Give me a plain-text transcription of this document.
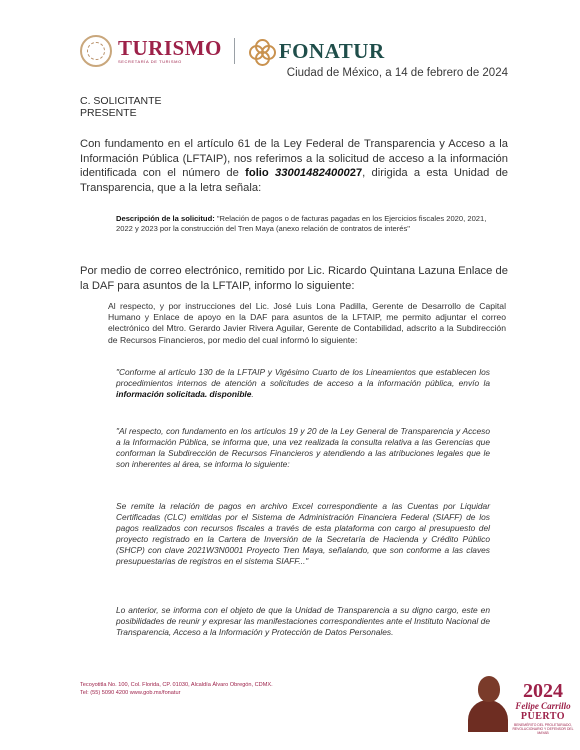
TURISMO
SECRETARÍA DE TURISMO	FONATUR
Ciudad de México, a 14 de febrero de 2024
C. SOLICITANTE
PRESENTE
Con fundamento en el artículo 61 de la Ley Federal de Transparencia y Acceso a la Información Pública (LFTAIP), nos referimos a la solicitud de acceso a la información identificada con el número de folio 33001482400027, dirigida a esta Unidad de Transparencia, que a la letra señala:
Descripción de la solicitud: "Relación de pagos o de facturas pagadas en los Ejercicios fiscales 2020, 2021, 2022 y 2023 por la construcción del Tren Maya (anexo relación de contratos de interés"
Por medio de correo electrónico, remitido por Lic. Ricardo Quintana Lazuna Enlace de la DAF para asuntos de la LFTAIP, informo lo siguiente:
Al respecto, y por instrucciones del Lic. José Luis Lona Padilla, Gerente de Desarrollo de Capital Humano y Enlace de apoyo en la DAF para asuntos de la LFTAIP, me permito adjuntar el correo electrónico del Mtro. Gerardo Javier Rivera Aguilar, Gerente de Contabilidad, adscrito a la Subdirección de Recursos Financieros, por medio del cual informó lo siguiente:
"Conforme al artículo 130 de la LFTAIP y Vigésimo Cuarto de los Lineamientos que establecen los procedimientos internos de atención a solicitudes de acceso a la información pública, envío la información solicitada. disponible.
"Al respecto, con fundamento en los artículos 19 y 20 de la Ley General de Transparencia y Acceso a la Información Pública, se informa que, una vez realizada la consulta relativa a las Gerencias que conforman la Subdirección de Recursos Financieros y atendiendo a las atribuciones legales que le son inherentes al área, se informa lo siguiente:
Se remite la relación de pagos en archivo Excel correspondiente a las Cuentas por Liquidar Certificadas (CLC) emitidas por el Sistema de Administración Financiera Federal (SIAFF) de los pagos realizados con recursos fiscales a través de esta plataforma con cargo al presupuesto del proyecto registrado en la Cartera de Inversión de la Secretaría de Hacienda y Crédito Público (SHCP) con clave 2021W3N0001 Proyecto Tren Maya, señalando, que son conforme a las claves presupuestarias de registros en el sistema SIAFF..."
Lo anterior, se informa con el objeto de que la Unidad de Transparencia a su digno cargo, este en posibilidades de reunir y expresar las manifestaciones correspondientes ante el Instituto Nacional de Transparencia, Acceso a la Información y Protección de Datos Personales.
Tecoyotitla No. 100, Col. Florida, CP. 01030, Alcaldía Álvaro Obregón, CDMX.
Tel: (55) 5090 4200 www.gob.mx/fonatur	2024
Felipe Carrillo
PUERTO
BENEMÉRITO DEL PROLETARIADO, REVOLUCIONARIO Y DEFENSOR DEL MAYAB
